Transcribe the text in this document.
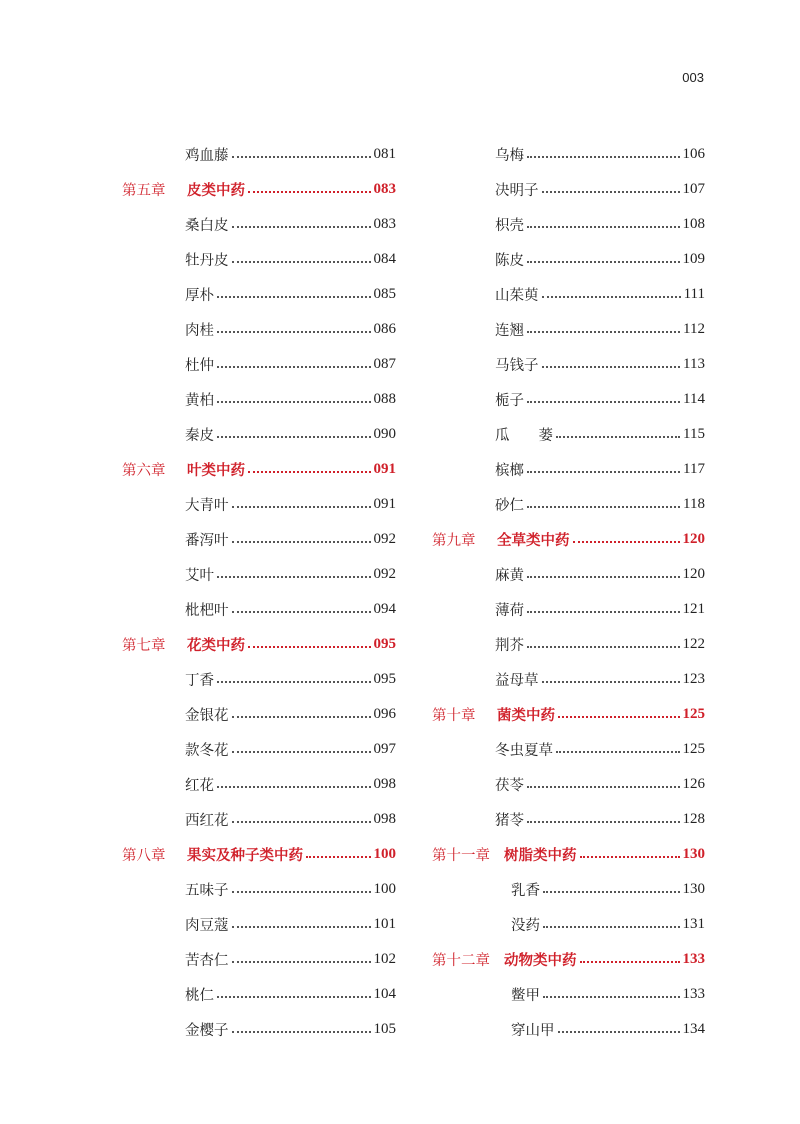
003
鸡血藤	081
第五章 皮类中药	083
桑白皮	083
牡丹皮	084
厚朴	085
肉桂	086
杜仲	087
黄柏	088
秦皮	090
第六章 叶类中药	091
大青叶	091
番泻叶	092
艾叶	092
枇杷叶	094
第七章 花类中药	095
丁香	095
金银花	096
款冬花	097
红花	098
西红花	098
第八章 果实及种子类中药	100
五味子	100
肉豆蔻	101
苦杏仁	102
桃仁	104
金樱子	105
乌梅	106
决明子	107
枳壳	108
陈皮	109
山茱萸	111
连翘	112
马钱子	113
栀子	114
瓜　　蒌	115
槟榔	117
砂仁	118
第九章 全草类中药	120
麻黄	120
薄荷	121
荆芥	122
益母草	123
第十章 菌类中药	125
冬虫夏草	125
茯苓	126
猪苓	128
第十一章 树脂类中药	130
乳香	130
没药	131
第十二章 动物类中药	133
鳖甲	133
穿山甲	134
